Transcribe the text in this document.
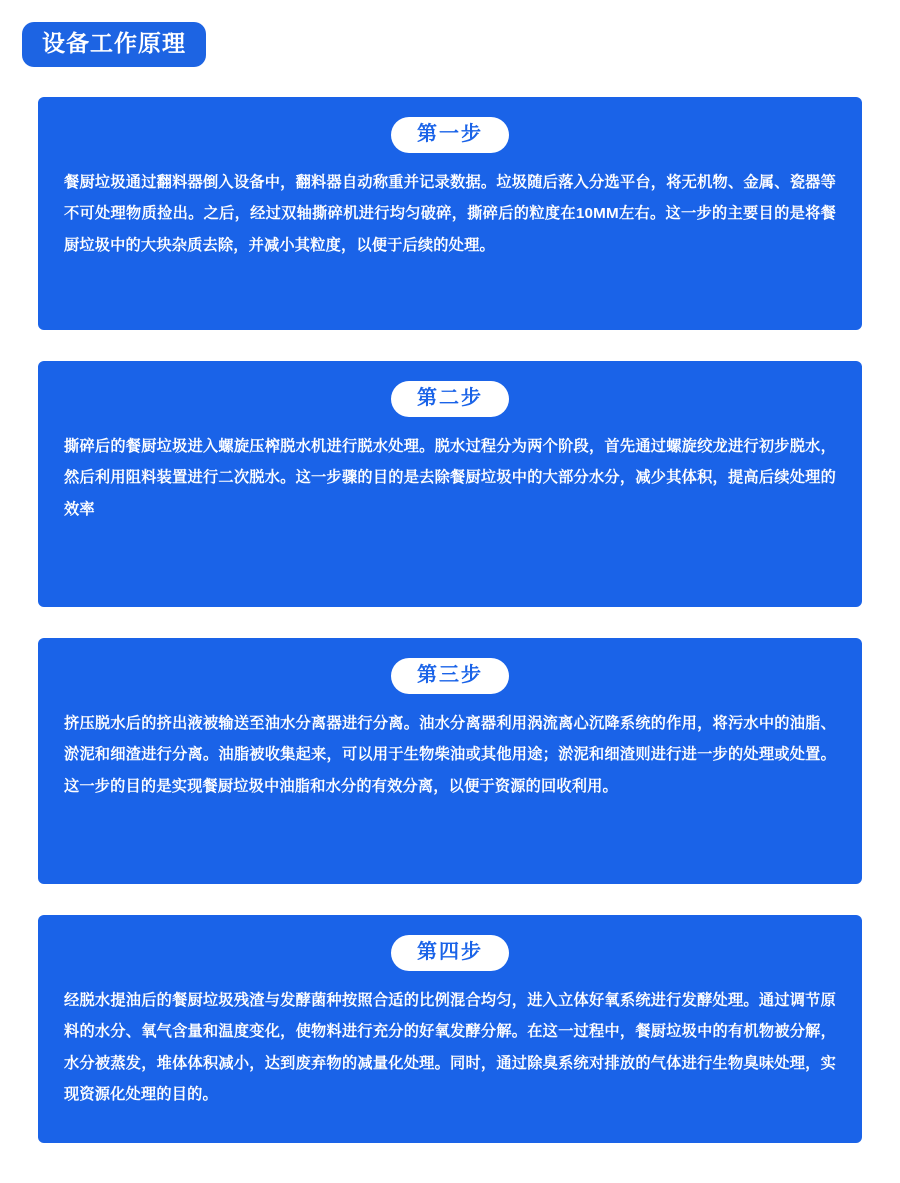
设备工作原理
第一步
餐厨垃圾通过翻料器倒入设备中，翻料器自动称重并记录数据。垃圾随后落入分选平台，将无机物、金属、瓷器等不可处理物质捡出。之后，经过双轴撕碎机进行均匀破碎，撕碎后的粒度在10MM左右。这一步的主要目的是将餐厨垃圾中的大块杂质去除，并减小其粒度，以便于后续的处理。
第二步
撕碎后的餐厨垃圾进入螺旋压榨脱水机进行脱水处理。脱水过程分为两个阶段，首先通过螺旋绞龙进行初步脱水，然后利用阻料装置进行二次脱水。这一步骤的目的是去除餐厨垃圾中的大部分水分，减少其体积，提高后续处理的效率
第三步
挤压脱水后的挤出液被输送至油水分离器进行分离。油水分离器利用涡流离心沉降系统的作用，将污水中的油脂、淤泥和细渣进行分离。油脂被收集起来，可以用于生物柴油或其他用途；淤泥和细渣则进行进一步的处理或处置。这一步的目的是实现餐厨垃圾中油脂和水分的有效分离，以便于资源的回收利用。
第四步
经脱水提油后的餐厨垃圾残渣与发酵菌种按照合适的比例混合均匀，进入立体好氧系统进行发酵处理。通过调节原料的水分、氧气含量和温度变化，使物料进行充分的好氧发酵分解。在这一过程中，餐厨垃圾中的有机物被分解，水分被蒸发，堆体体积减小，达到废弃物的减量化处理。同时，通过除臭系统对排放的气体进行生物臭味处理，实现资源化处理的目的。
